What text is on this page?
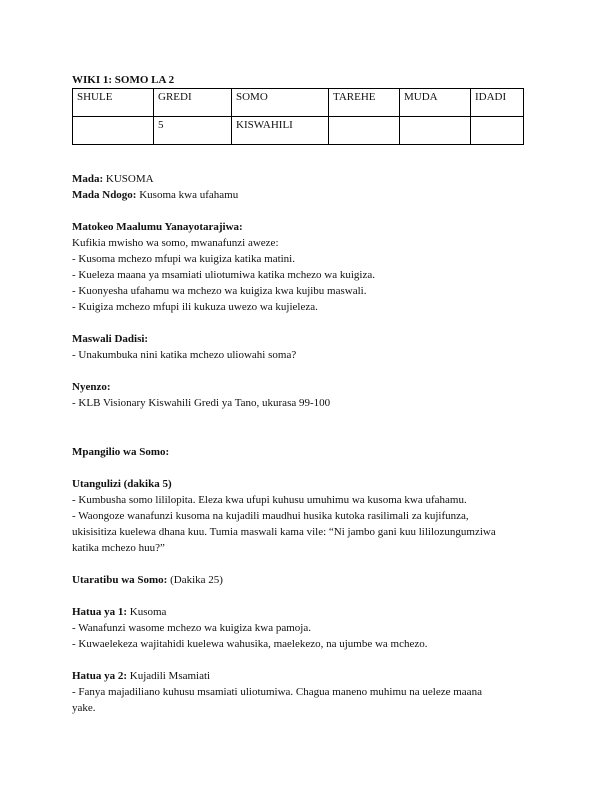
WIKI 1: SOMO LA 2
SHULE	GREDI	SOMO	TAREHE	MUDA	IDADI
	5	KISWAHILI			
Mada: KUSOMA
Mada Ndogo: Kusoma kwa ufahamu
Matokeo Maalumu Yanayotarajiwa:
Kufikia mwisho wa somo, mwanafunzi aweze:
- Kusoma mchezo mfupi wa kuigiza katika matini.
- Kueleza maana ya msamiati uliotumiwa katika mchezo wa kuigiza.
- Kuonyesha ufahamu wa mchezo wa kuigiza kwa kujibu maswali.
- Kuigiza mchezo mfupi ili kukuza uwezo wa kujieleza.
Maswali Dadisi:
- Unakumbuka nini katika mchezo uliowahi soma?
Nyenzo:
- KLB Visionary Kiswahili Gredi ya Tano, ukurasa 99-100
Mpangilio wa Somo:
Utangulizi (dakika 5)
- Kumbusha somo lililopita. Eleza kwa ufupi kuhusu umuhimu wa kusoma kwa ufahamu.
- Waongoze wanafunzi kusoma na kujadili maudhui husika kutoka rasilimali za kujifunza,
ukisisitiza kuelewa dhana kuu. Tumia maswali kama vile: “Ni jambo gani kuu lililozungumziwa
katika mchezo huu?”
Utaratibu wa Somo: (Dakika 25)
Hatua ya 1: Kusoma
- Wanafunzi wasome mchezo wa kuigiza kwa pamoja.
- Kuwaelekeza wajitahidi kuelewa wahusika, maelekezo, na ujumbe wa mchezo.
Hatua ya 2: Kujadili Msamiati
- Fanya majadiliano kuhusu msamiati uliotumiwa. Chagua maneno muhimu na ueleze maana
yake.
